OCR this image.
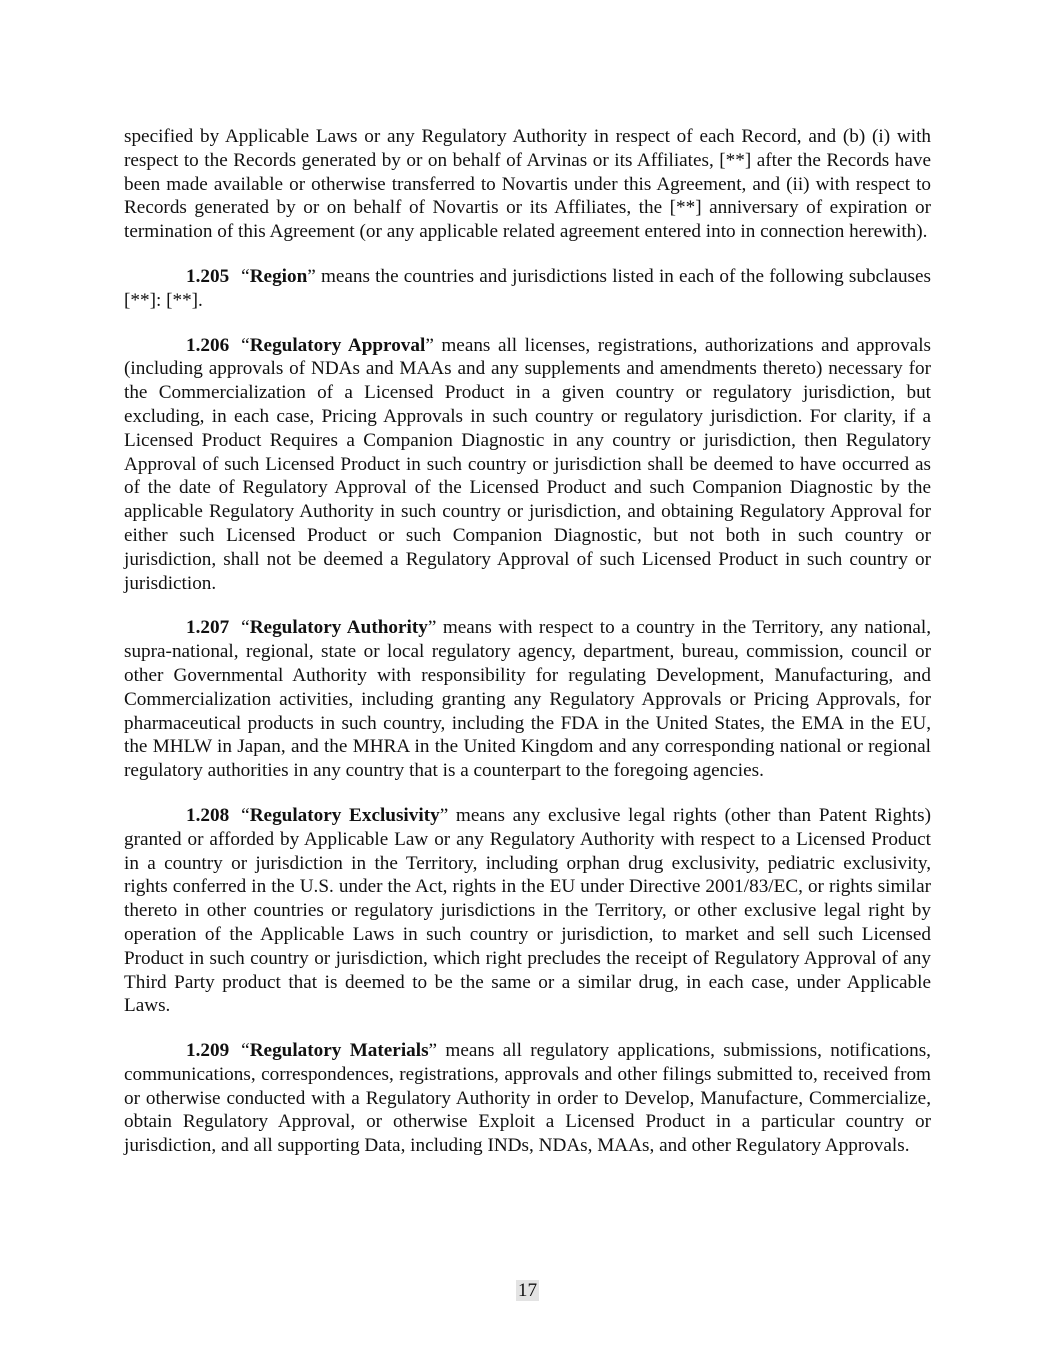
specified by Applicable Laws or any Regulatory Authority in respect of each Record, and (b) (i) with respect to the Records generated by or on behalf of Arvinas or its Affiliates, [**] after the Records have been made available or otherwise transferred to Novartis under this Agreement, and (ii) with respect to Records generated by or on behalf of Novartis or its Affiliates, the [**] anniversary of expiration or termination of this Agreement (or any applicable related agreement entered into in connection herewith).

1.205 “Region” means the countries and jurisdictions listed in each of the following subclauses [**]: [**].

1.206 “Regulatory Approval” means all licenses, registrations, authorizations and approvals (including approvals of NDAs and MAAs and any supplements and amendments thereto) necessary for the Commercialization of a Licensed Product in a given country or regulatory jurisdiction, but excluding, in each case, Pricing Approvals in such country or regulatory jurisdiction. For clarity, if a Licensed Product Requires a Companion Diagnostic in any country or jurisdiction, then Regulatory Approval of such Licensed Product in such country or jurisdiction shall be deemed to have occurred as of the date of Regulatory Approval of the Licensed Product and such Companion Diagnostic by the applicable Regulatory Authority in such country or jurisdiction, and obtaining Regulatory Approval for either such Licensed Product or such Companion Diagnostic, but not both in such country or jurisdiction, shall not be deemed a Regulatory Approval of such Licensed Product in such country or jurisdiction.

1.207 “Regulatory Authority” means with respect to a country in the Territory, any national, supra-national, regional, state or local regulatory agency, department, bureau, commission, council or other Governmental Authority with responsibility for regulating Development, Manufacturing, and Commercialization activities, including granting any Regulatory Approvals or Pricing Approvals, for pharmaceutical products in such country, including the FDA in the United States, the EMA in the EU, the MHLW in Japan, and the MHRA in the United Kingdom and any corresponding national or regional regulatory authorities in any country that is a counterpart to the foregoing agencies.

1.208 “Regulatory Exclusivity” means any exclusive legal rights (other than Patent Rights) granted or afforded by Applicable Law or any Regulatory Authority with respect to a Licensed Product in a country or jurisdiction in the Territory, including orphan drug exclusivity, pediatric exclusivity, rights conferred in the U.S. under the Act, rights in the EU under Directive 2001/83/EC, or rights similar thereto in other countries or regulatory jurisdictions in the Territory, or other exclusive legal right by operation of the Applicable Laws in such country or jurisdiction, to market and sell such Licensed Product in such country or jurisdiction, which right precludes the receipt of Regulatory Approval of any Third Party product that is deemed to be the same or a similar drug, in each case, under Applicable Laws.

1.209 “Regulatory Materials” means all regulatory applications, submissions, notifications, communications, correspondences, registrations, approvals and other filings submitted to, received from or otherwise conducted with a Regulatory Authority in order to Develop, Manufacture, Commercialize, obtain Regulatory Approval, or otherwise Exploit a Licensed Product in a particular country or jurisdiction, and all supporting Data, including INDs, NDAs, MAAs, and other Regulatory Approvals.

17
